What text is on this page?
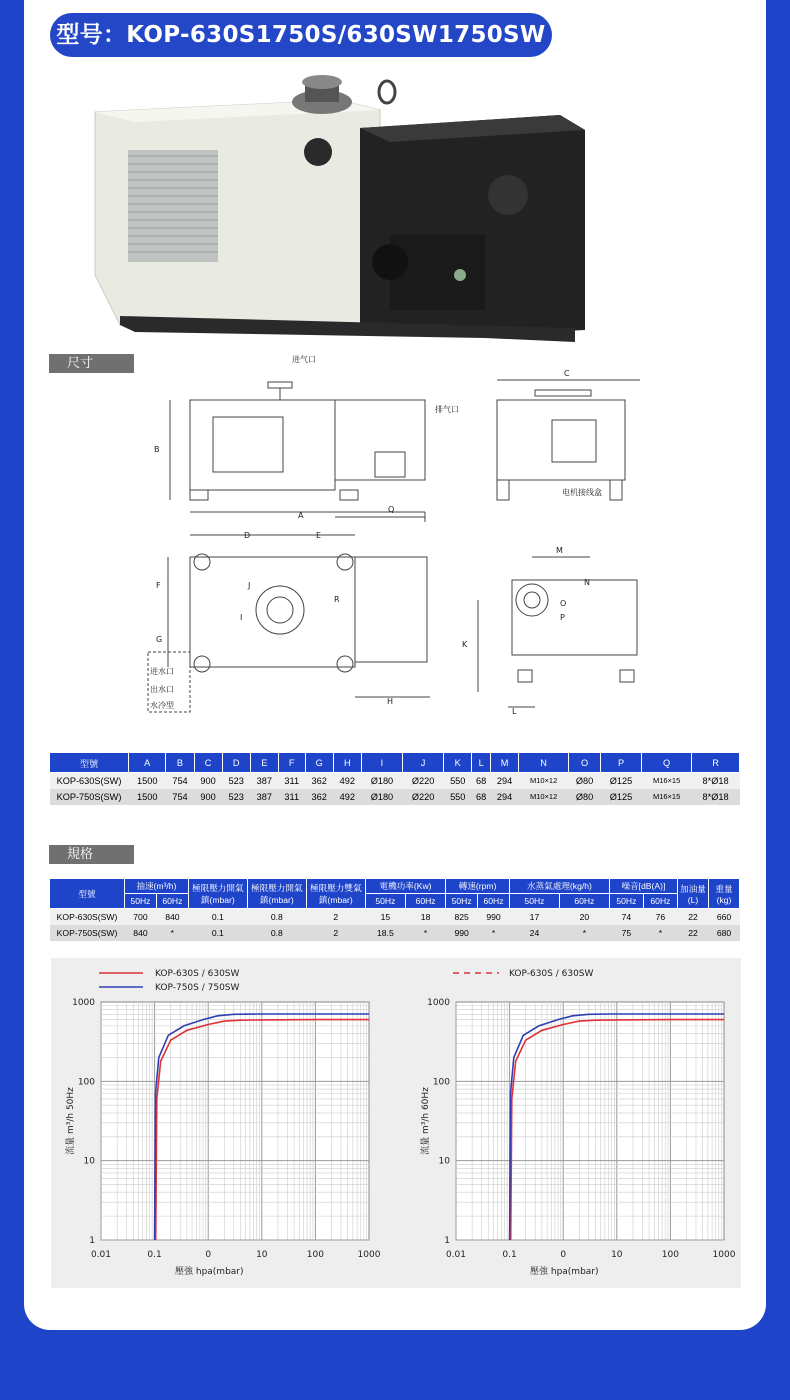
型号：KOP-630S1750S/630SW1750SW
尺寸	进气口
排气口
电机接线盒
进水口
出水口
水冷型
A
B
C
D	E
F
G
H
I
J
K
L
M
N
O
P
Q
R
型號	A	B	C	D	E	F	G	H	I	J	K	L	M	N	O	P	Q	R
KOP-630S(SW)	1500	754	900	523	387	311	362	492	Ø180	Ø220	550	68	294	M10×12	Ø80	Ø125	M16×15	8*Ø18
KOP-750S(SW)	1500	754	900	523	387	311	362	492	Ø180	Ø220	550	68	294	M10×12	Ø80	Ø125	M16×15	8*Ø18
規格
型號	抽速(m³/h)		極限壓力開氣鎮(mbar)	極限壓力開氣鎮(mbar)	極限壓力雙氣鎮(mbar)	電機功率(Kw)		轉速(rpm)		水蒸氣處理(kg/h)		噪音[dB(A)]		加油量(L)	重量(kg)
	50Hz	60Hz				50Hz	60Hz	50Hz	60Hz	50Hz	60Hz	50Hz	60Hz		
KOP-630S(SW)	700	840	0.1	0.8	2	15	18	825	990	17	20	74	76	22	660
KOP-750S(SW)	840	*	0.1	0.8	2	18.5	*	990	*	24	*	75	*	22	680
0.01	0.1	0	10	100	1000
1000
100
10
1
壓強 hpa(mbar)
流量 m³/h 50Hz
0.01	0.1	0	10	100	1000
1000
100
10
1
壓強 hpa(mbar)
流量 m³/h 60Hz
KOP-630S / 630SW
KOP-750S / 750SW
KOP-630S / 630SW
